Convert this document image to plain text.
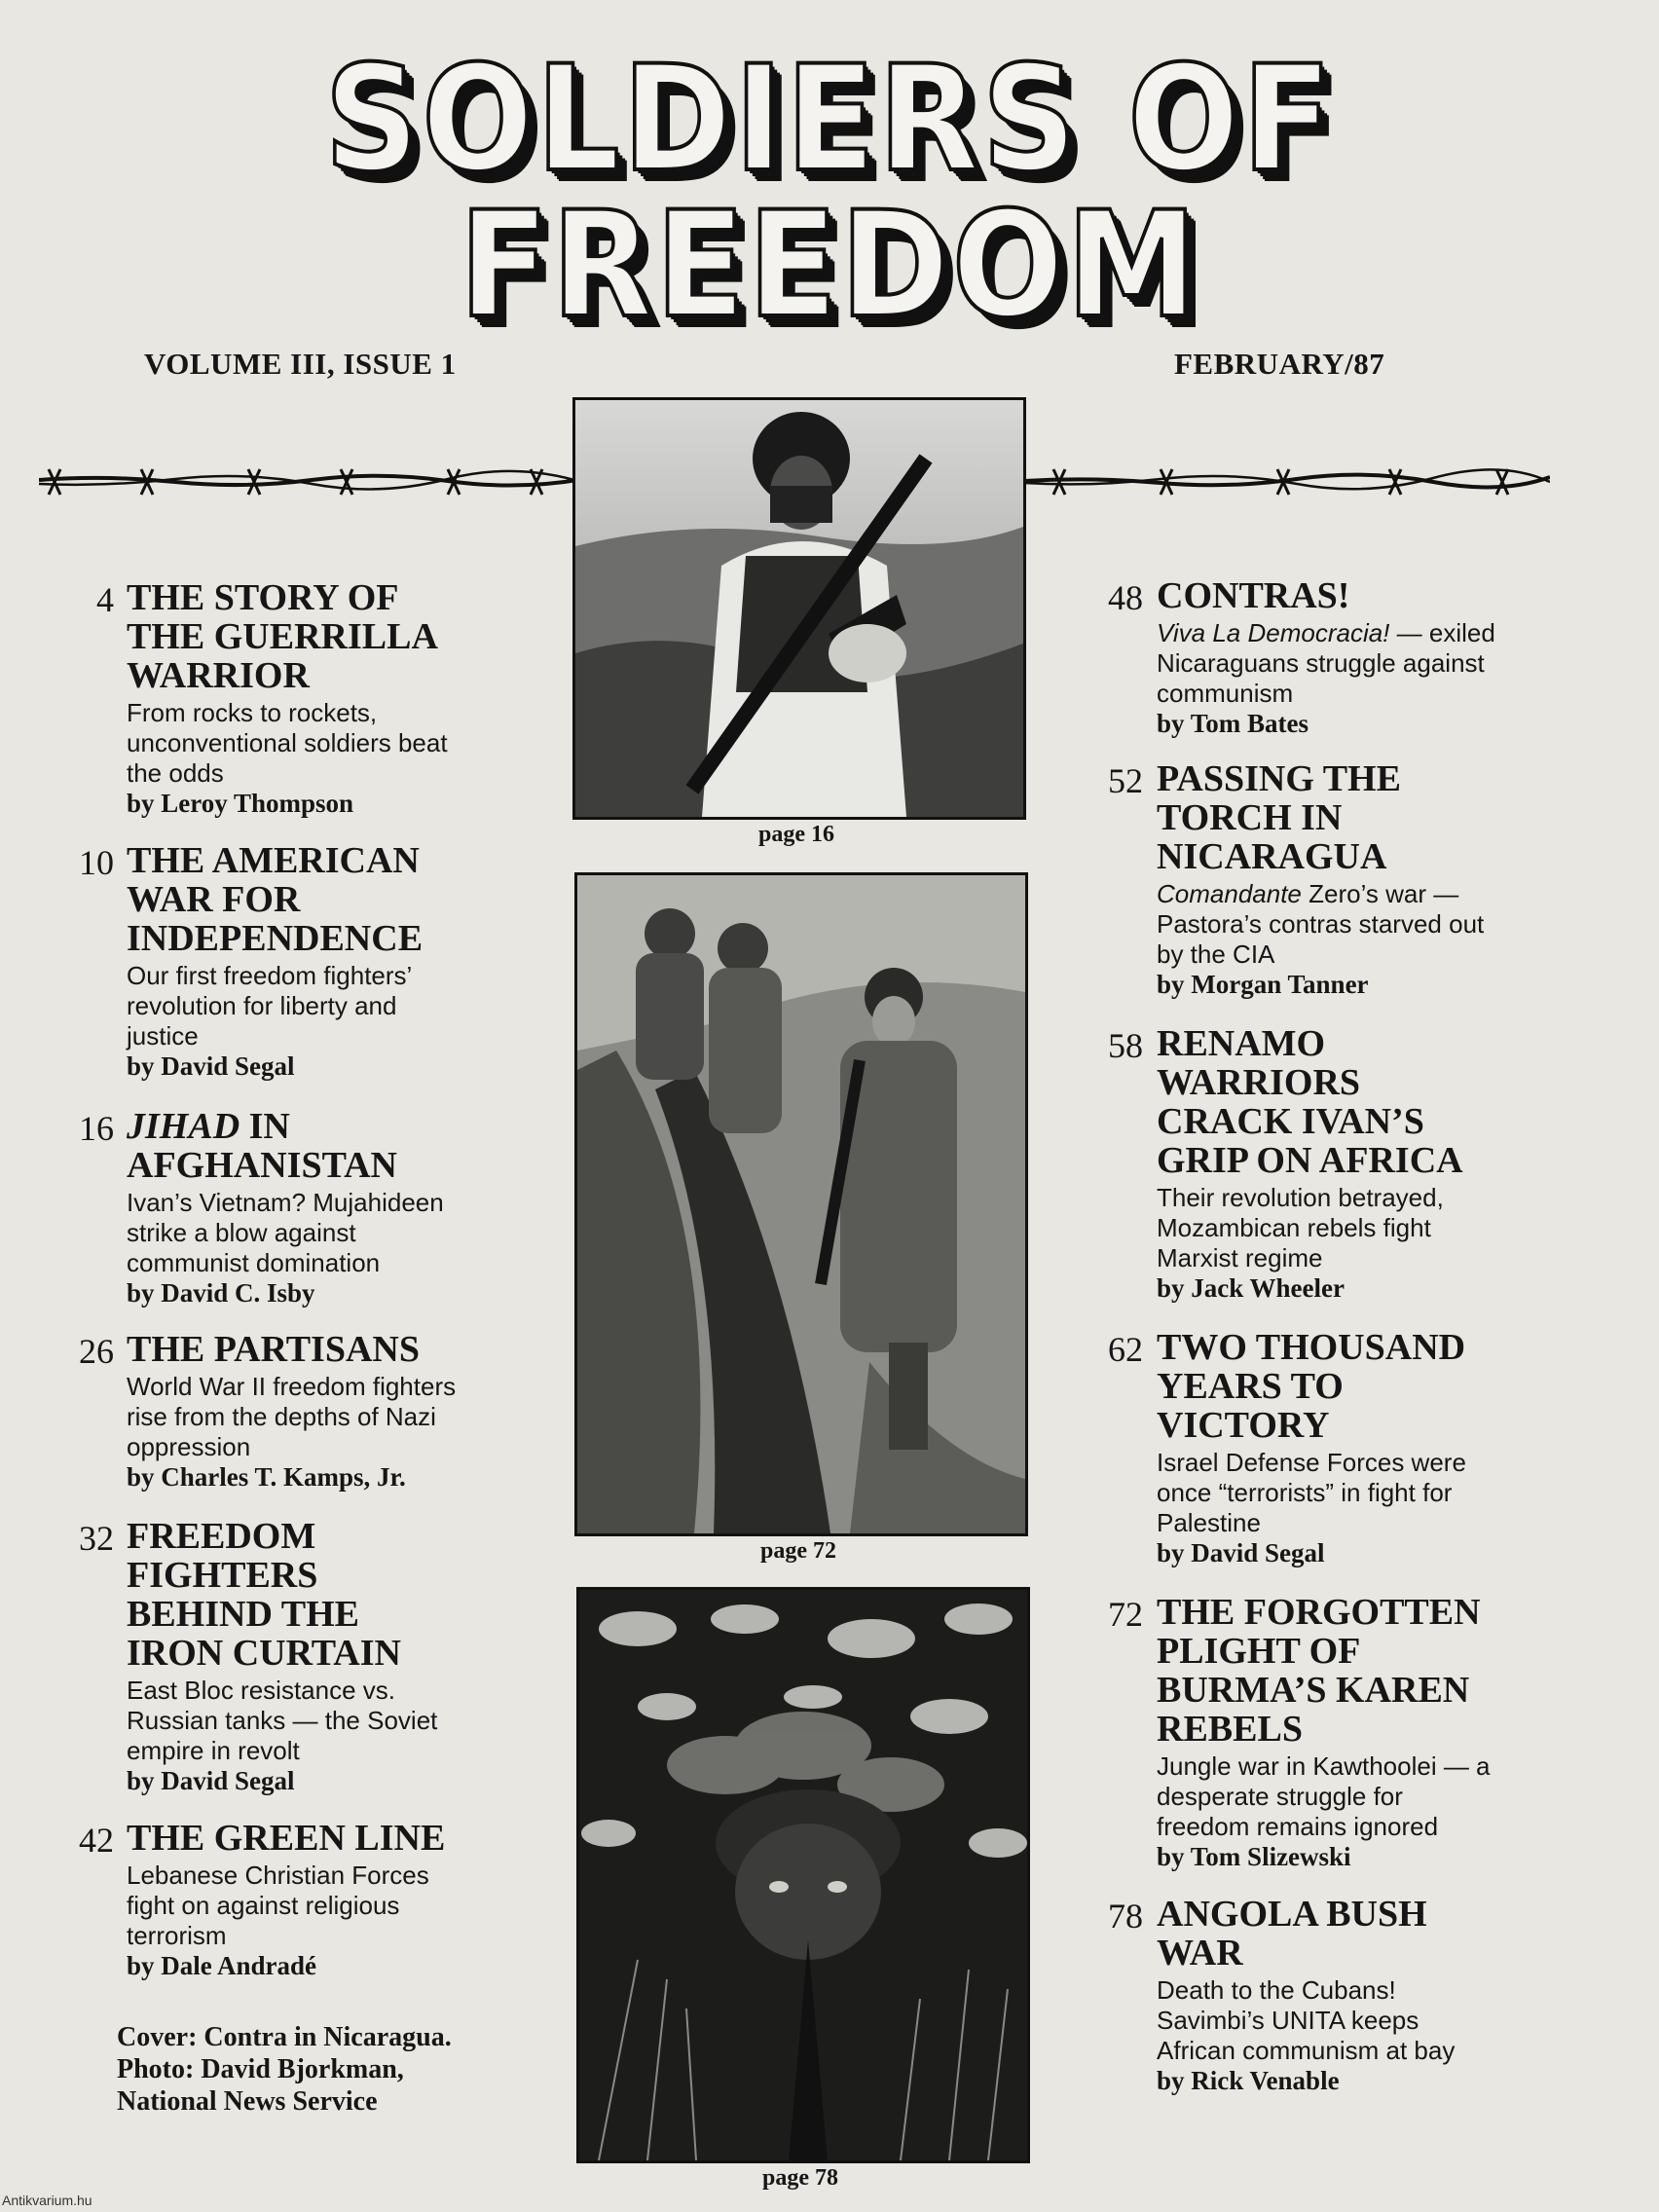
SOLDIERS OF
FREEDOM
VOLUME III, ISSUE 1	FEBRUARY/87
4 THE STORY OF THE GUERRILLA WARRIOR
From rocks to rockets, unconventional soldiers beat the odds
by Leroy Thompson
10 THE AMERICAN WAR FOR INDEPENDENCE
Our first freedom fighters’ revolution for liberty and justice
by David Segal
16 JIHAD IN AFGHANISTAN
Ivan’s Vietnam? Mujahideen strike a blow against communist domination
by David C. Isby
26 THE PARTISANS
World War II freedom fighters rise from the depths of Nazi oppression
by Charles T. Kamps, Jr.
32 FREEDOM FIGHTERS BEHIND THE IRON CURTAIN
East Bloc resistance vs. Russian tanks — the Soviet empire in revolt
by David Segal
42 THE GREEN LINE
Lebanese Christian Forces fight on against religious terrorism
by Dale Andradé
48 CONTRAS!
Viva La Democracia! — exiled Nicaraguans struggle against communism
by Tom Bates
52 PASSING THE TORCH IN NICARAGUA
Comandante Zero’s war — Pastora’s contras starved out by the CIA
by Morgan Tanner
58 RENAMO WARRIORS CRACK IVAN’S GRIP ON AFRICA
Their revolution betrayed, Mozambican rebels fight Marxist regime
by Jack Wheeler
62 TWO THOUSAND YEARS TO VICTORY
Israel Defense Forces were once “terrorists” in fight for Palestine
by David Segal
72 THE FORGOTTEN PLIGHT OF BURMA’S KAREN REBELS
Jungle war in Kawthoolei — a desperate struggle for freedom remains ignored
by Tom Slizewski
78 ANGOLA BUSH WAR
Death to the Cubans! Savimbi’s UNITA keeps African communism at bay
by Rick Venable
page 16
page 72
page 78
Cover: Contra in Nicaragua.
Photo: David Bjorkman,
National News Service
Antikvarium.hu
